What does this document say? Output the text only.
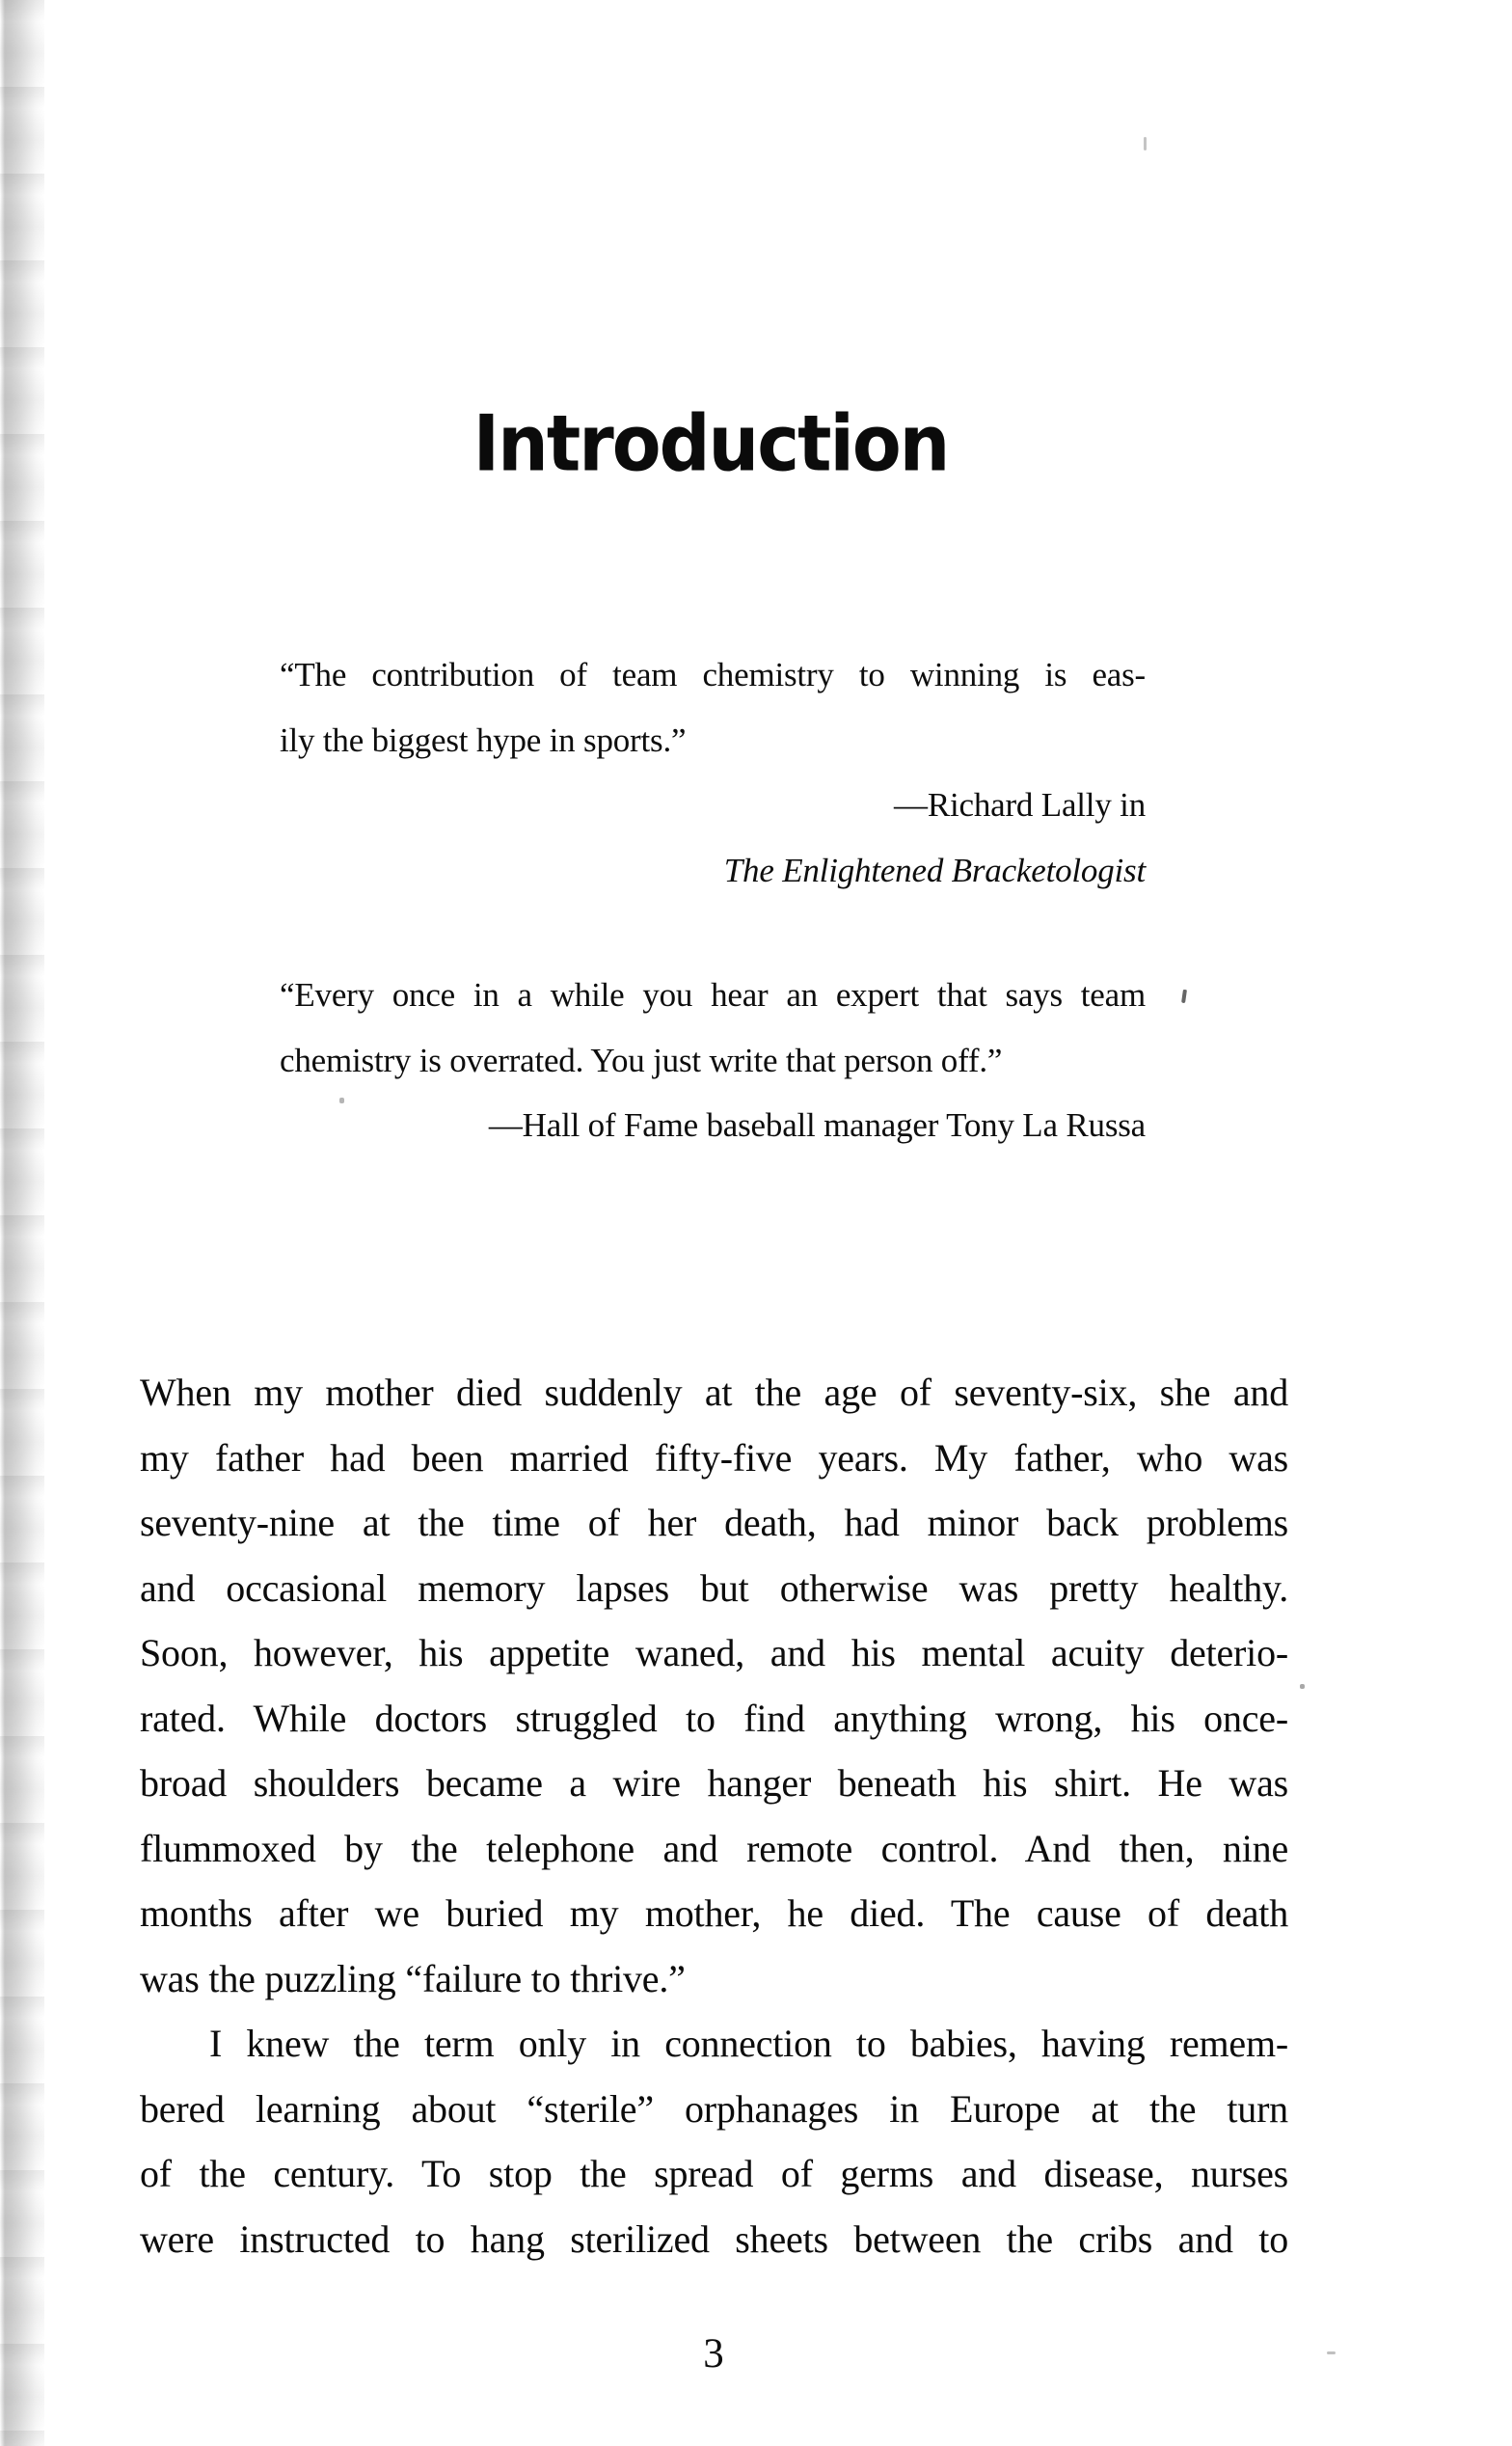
Introduction
“The contribution of team chemistry to winning is eas-
ily the biggest hype in sports.”
—Richard Lally in
The Enlightened Bracketologist
“Every once in a while you hear an expert that says team
chemistry is overrated. You just write that person off.”
—Hall of Fame baseball manager Tony La Russa
When my mother died suddenly at the age of seventy-six, she and
my father had been married fifty-five years. My father, who was
seventy-nine at the time of her death, had minor back problems
and occasional memory lapses but otherwise was pretty healthy.
Soon, however, his appetite waned, and his mental acuity deterio-
rated. While doctors struggled to find anything wrong, his once-
broad shoulders became a wire hanger beneath his shirt. He was
flummoxed by the telephone and remote control. And then, nine
months after we buried my mother, he died. The cause of death
was the puzzling “failure to thrive.”
I knew the term only in connection to babies, having remem-
bered learning about “sterile” orphanages in Europe at the turn
of the century. To stop the spread of germs and disease, nurses
were instructed to hang sterilized sheets between the cribs and to
3
